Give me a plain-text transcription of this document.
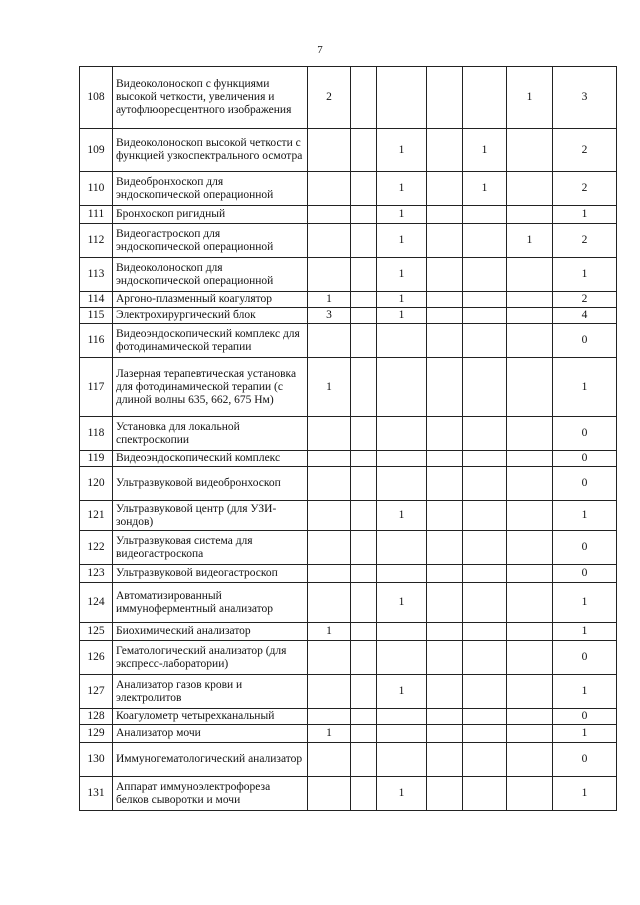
7
108	Видеоколоноскоп с функциями высокой четкости, увеличения и аутофлюоресцентного изображения	2					1	3
109	Видеоколоноскоп высокой четкости с функцией узкоспектрального осмотра			1		1		2
110	Видеобронхоскоп для эндоскопической операционной			1		1		2
111	Бронхоскоп ригидный			1				1
112	Видеогастроскоп для эндоскопической операционной			1			1	2
113	Видеоколоноскоп для эндоскопической операционной			1				1
114	Аргоно-плазменный коагулятор	1		1				2
115	Электрохирургический блок	3		1				4
116	Видеоэндоскопический комплекс для фотодинамической терапии							0
117	Лазерная терапевтическая установка для фотодинамической терапии (с длиной волны 635, 662, 675 Нм)	1						1
118	Установка для локальной спектроскопии							0
119	Видеоэндоскопический комплекс							0
120	Ультразвуковой видеобронхоскоп							0
121	Ультразвуковой центр (для УЗИ-зондов)			1				1
122	Ультразвуковая система для видеогастроскопа							0
123	Ультразвуковой видеогастроскоп							0
124	Автоматизированный иммуноферментный анализатор			1				1
125	Биохимический анализатор	1						1
126	Гематологический анализатор (для экспресс-лаборатории)							0
127	Анализатор газов крови и электролитов			1				1
128	Коагулометр четырехканальный							0
129	Анализатор мочи	1						1
130	Иммуногематологический анализатор							0
131	Аппарат иммуноэлектрофореза белков сыворотки и мочи			1				1
